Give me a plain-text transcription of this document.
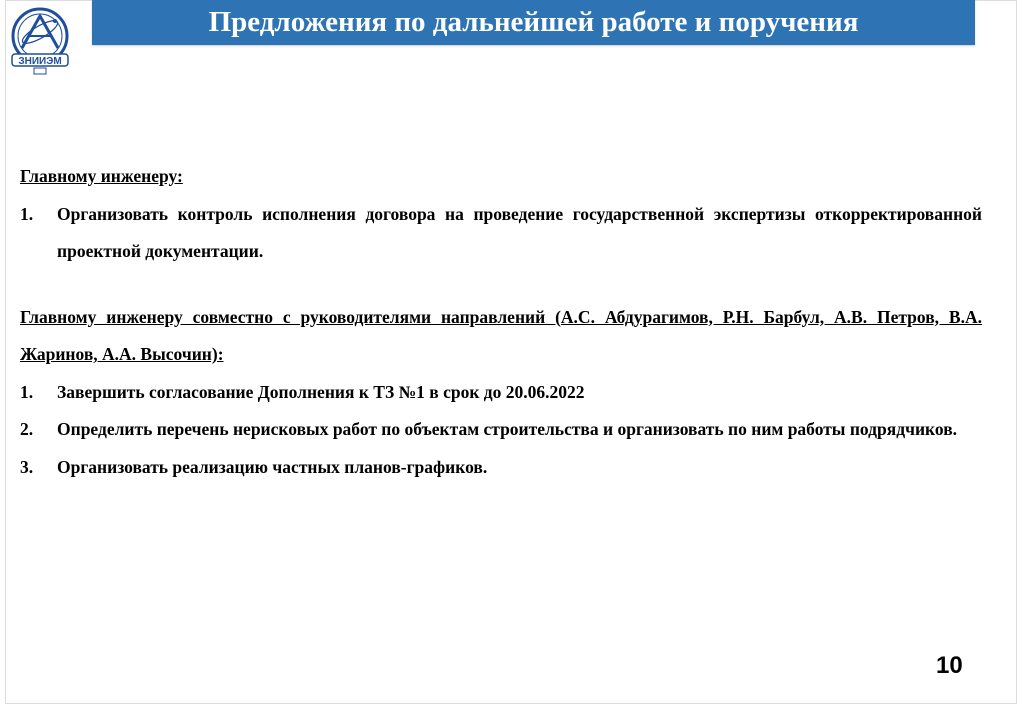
ЗНИИЭМ
Предложения по дальнейшей работе и поручения
Главному инженеру:
1.	Организовать контроль исполнения договора на проведение государственной экспертизы откорректированной проектной документации.
Главному инженеру совместно с руководителями направлений (А.С. Абдурагимов, Р.Н. Барбул, А.В. Петров, В.А. Жаринов, А.А. Высочин):
1.	Завершить согласование Дополнения к ТЗ №1 в срок до 20.06.2022
2.	Определить перечень нерисковых работ по объектам строительства и организовать по ним работы подрядчиков.
3.	Организовать реализацию частных планов-графиков.
10
